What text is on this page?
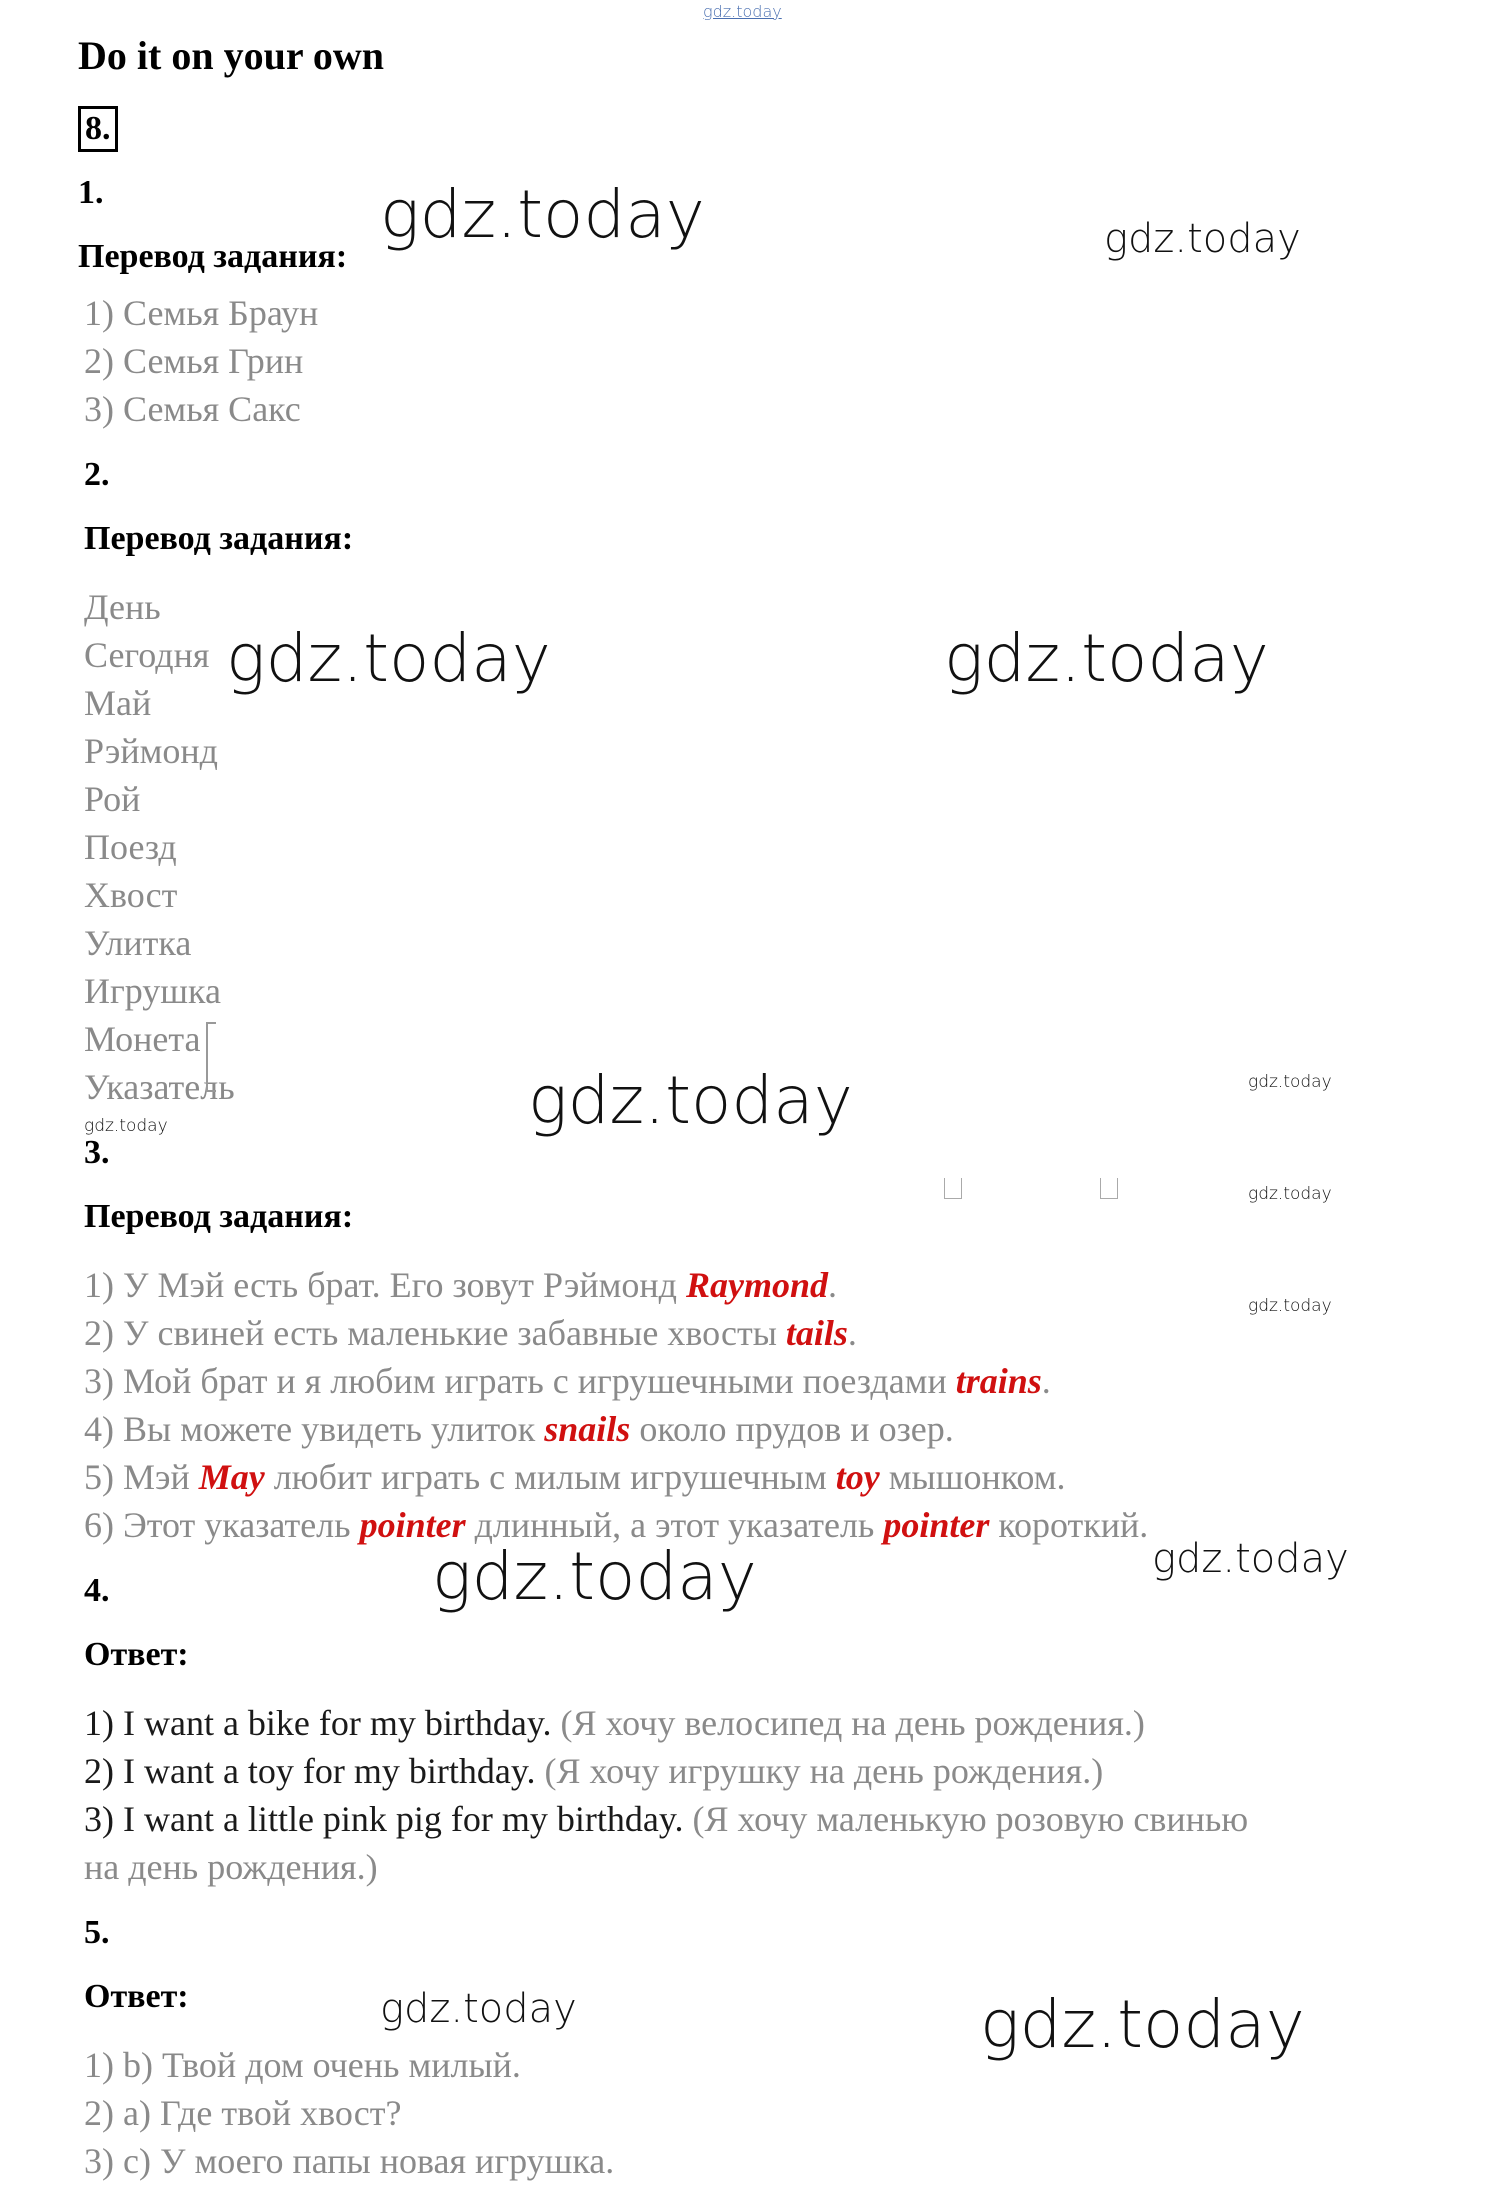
gdz.today
Do it on your own
8.
1.
Перевод задания:
1) Семья Браун
2) Семья Грин
3) Семья Сакс
2.
Перевод задания:
День
Сегодня
Май
Рэймонд
Рой
Поезд
Хвост
Улитка
Игрушка
Монета
Указатель
3.
Перевод задания:
1) У Мэй есть брат. Его зовут Рэймонд Raymond.
2) У свиней есть маленькие забавные хвосты tails.
3) Мой брат и я любим играть с игрушечными поездами trains.
4) Вы можете увидеть улиток snails около прудов и озер.
5) Мэй May любит играть с милым игрушечным toy мышонком.
6) Этот указатель pointer длинный, а этот указатель pointer короткий.
4.
Ответ:
1) I want a bike for my birthday. (Я хочу велосипед на день рождения.)
2) I want a toy for my birthday. (Я хочу игрушку на день рождения.)
3) I want a little pink pig for my birthday. (Я хочу маленькую розовую свинью
на день рождения.)
5.
Ответ:
1) b) Твой дом очень милый.
2) a) Где твой хвост?
3) c) У моего папы новая игрушка.
gdz.today	gdz.today
gdz.today	gdz.today
gdz.today	gdz.today
gdz.today
gdz.today
gdz.today
gdz.today
gdz.today
gdz.today	gdz.today
